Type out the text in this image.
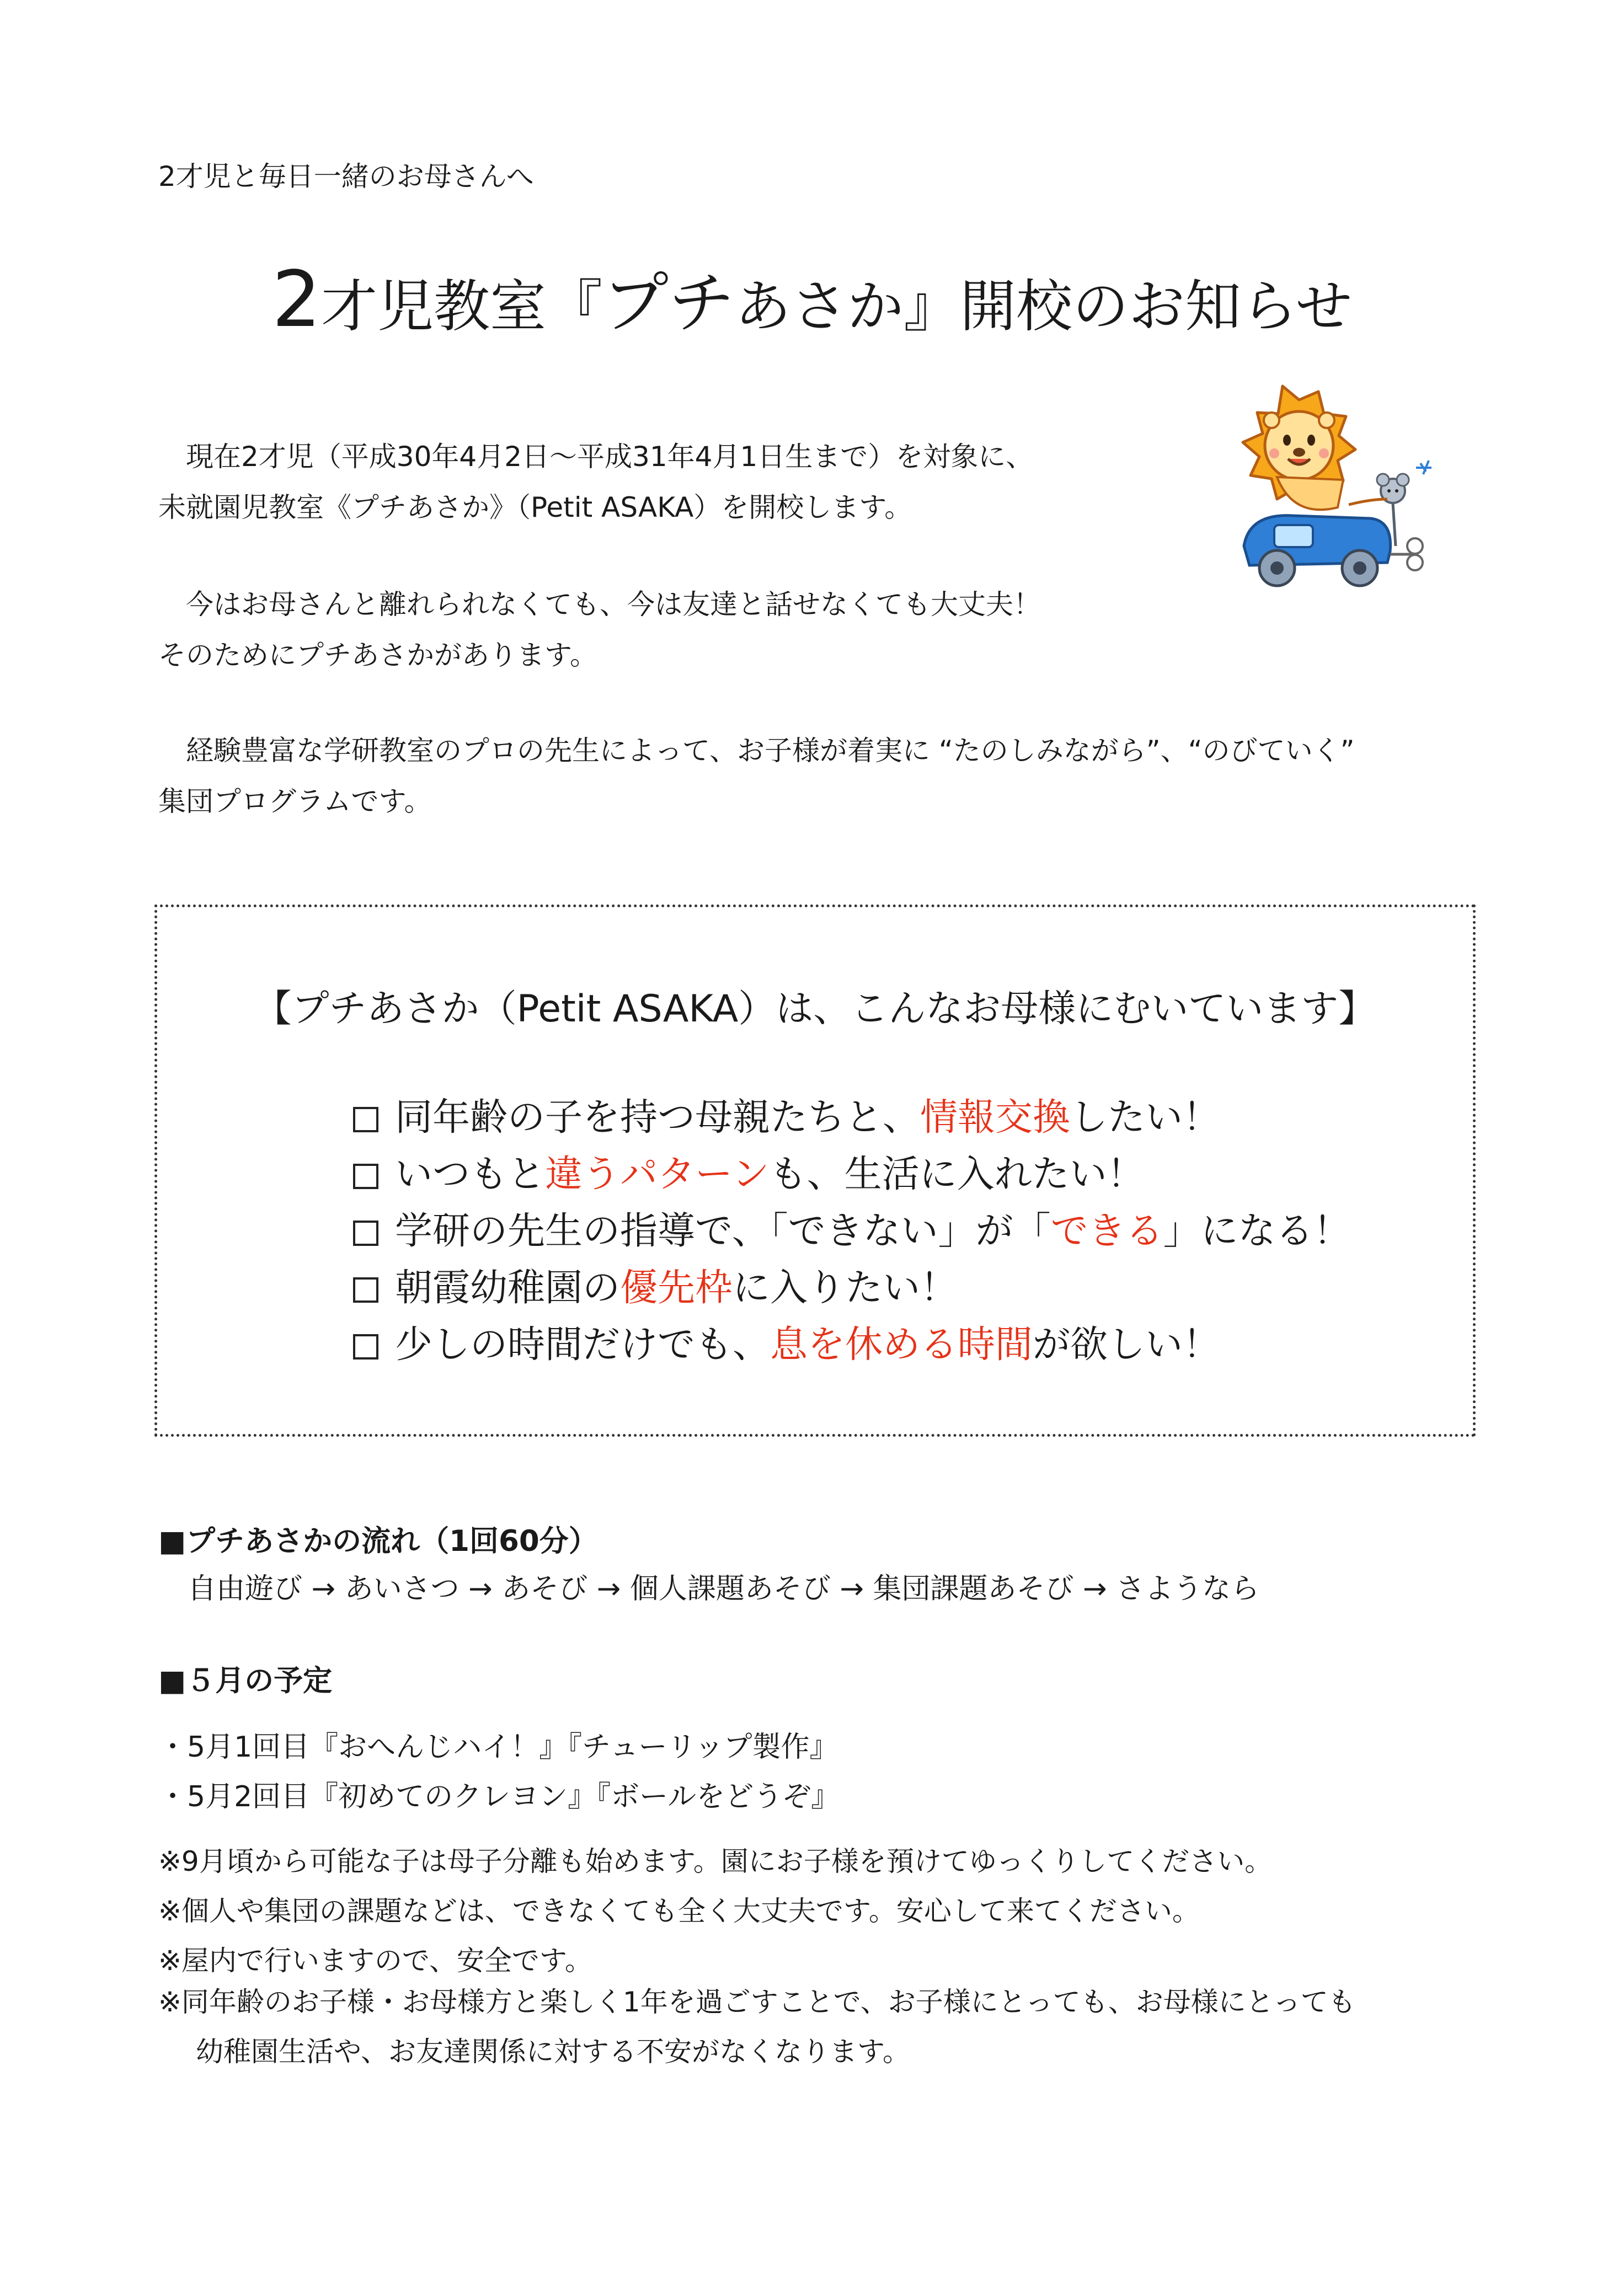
2才児と毎日一緒のお母さんへ
2才児教室『プチあさか』開校のお知らせ
現在2才児（平成30年4月2日〜平成31年4月1日生まで）を対象に、
未就園児教室《プチあさか》（Petit ASAKA）を開校します。
今はお母さんと離れられなくても、今は友達と話せなくても大丈夫！
そのためにプチあさかがあります。
経験豊富な学研教室のプロの先生によって、お子様が着実に “たのしみながら”、“のびていく”
集団プログラムです。
【プチあさか（Petit ASAKA）は、こんなお母様にむいています】
同年齢の子を持つ母親たちと、情報交換したい！
いつもと違うパターンも、生活に入れたい！
学研の先生の指導で、「できない」が「できる」になる！
朝霞幼稚園の優先枠に入りたい！
少しの時間だけでも、息を休める時間が欲しい！
■プチあさかの流れ（1回60分）
自由遊び → あいさつ → あそび → 個人課題あそび → 集団課題あそび → さようなら
■５月の予定
・5月1回目『おへんじハイ！』『チューリップ製作』
・5月2回目『初めてのクレヨン』『ボールをどうぞ』
※9月頃から可能な子は母子分離も始めます。園にお子様を預けてゆっくりしてください。
※個人や集団の課題などは、できなくても全く大丈夫です。安心して来てください。
※屋内で行いますので、安全です。
※同年齢のお子様・お母様方と楽しく1年を過ごすことで、お子様にとっても、お母様にとっても
幼稚園生活や、お友達関係に対する不安がなくなります。
